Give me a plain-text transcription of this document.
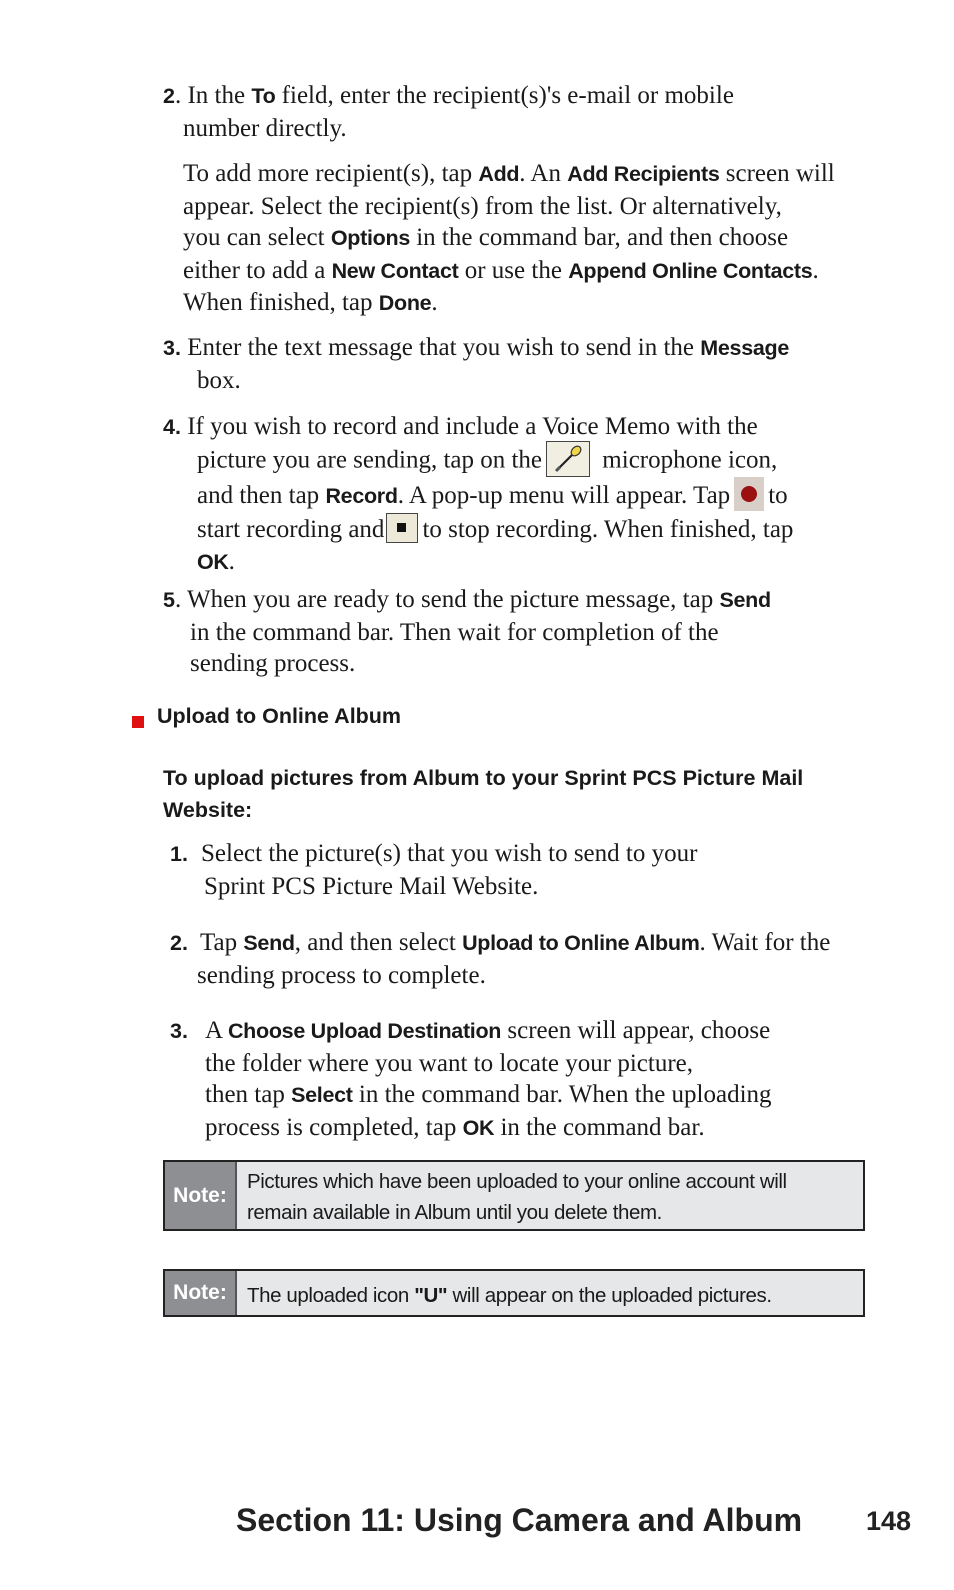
2. In the To field, enter the recipient(s)'s e-mail or mobile
number directly.
To add more recipient(s), tap Add. An Add Recipients screen will
appear. Select the recipient(s) from the list. Or alternatively,
you can select Options in the command bar, and then choose
either to add a New Contact or use the Append Online Contacts.
When finished, tap Done.
3. Enter the text message that you wish to send in the Message
box.
4. If you wish to record and include a Voice Memo with the
picture you are sending, tap on the microphone icon,
and then tap Record. A pop-up menu will appear. Tap to
start recording and to stop recording. When finished, tap
OK.
5. When you are ready to send the picture message, tap Send
in the command bar. Then wait for completion of the
sending process.
Upload to Online Album
To upload pictures from Album to your Sprint PCS Picture Mail
Website:
1. Select the picture(s) that you wish to send to your
Sprint PCS Picture Mail Website.
2. Tap Send, and then select Upload to Online Album. Wait for the
sending process to complete.
3. A Choose Upload Destination screen will appear, choose
the folder where you want to locate your picture,
then tap Select in the command bar. When the uploading
process is completed, tap OK in the command bar.
Note:
Pictures which have been uploaded to your online account will
remain available in Album until you delete them.
Note: The uploaded icon "U" will appear on the uploaded pictures.
Section 11: Using Camera and Album 148
